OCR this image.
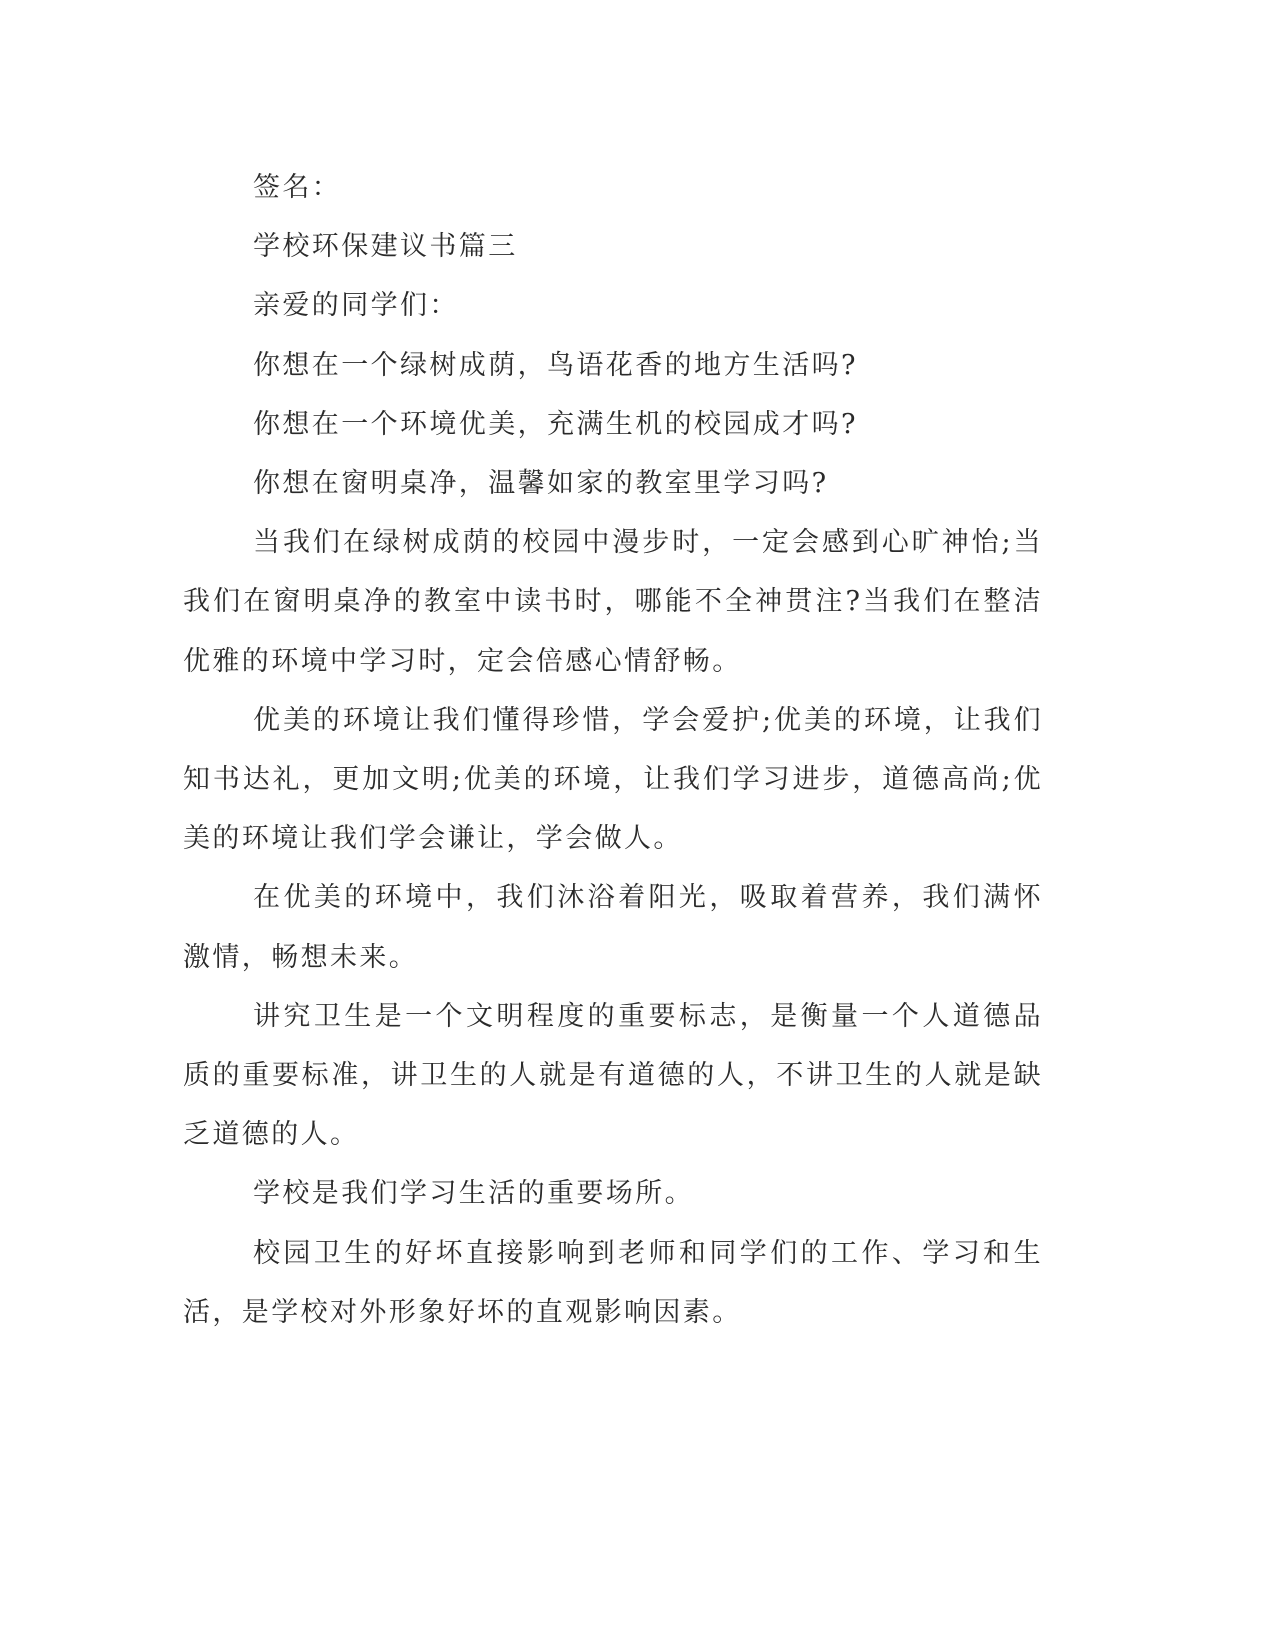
签名：

学校环保建议书篇三

亲爱的同学们：

你想在一个绿树成荫，鸟语花香的地方生活吗?

你想在一个环境优美，充满生机的校园成才吗?

你想在窗明桌净，温馨如家的教室里学习吗?

当我们在绿树成荫的校园中漫步时，一定会感到心旷神怡;当我们在窗明桌净的教室中读书时，哪能不全神贯注?当我们在整洁优雅的环境中学习时，定会倍感心情舒畅。

优美的环境让我们懂得珍惜，学会爱护;优美的环境，让我们知书达礼，更加文明;优美的环境，让我们学习进步，道德高尚;优美的环境让我们学会谦让，学会做人。

在优美的环境中，我们沐浴着阳光，吸取着营养，我们满怀激情，畅想未来。

讲究卫生是一个文明程度的重要标志，是衡量一个人道德品质的重要标准，讲卫生的人就是有道德的人，不讲卫生的人就是缺乏道德的人。

学校是我们学习生活的重要场所。

校园卫生的好坏直接影响到老师和同学们的工作、学习和生活，是学校对外形象好坏的直观影响因素。
